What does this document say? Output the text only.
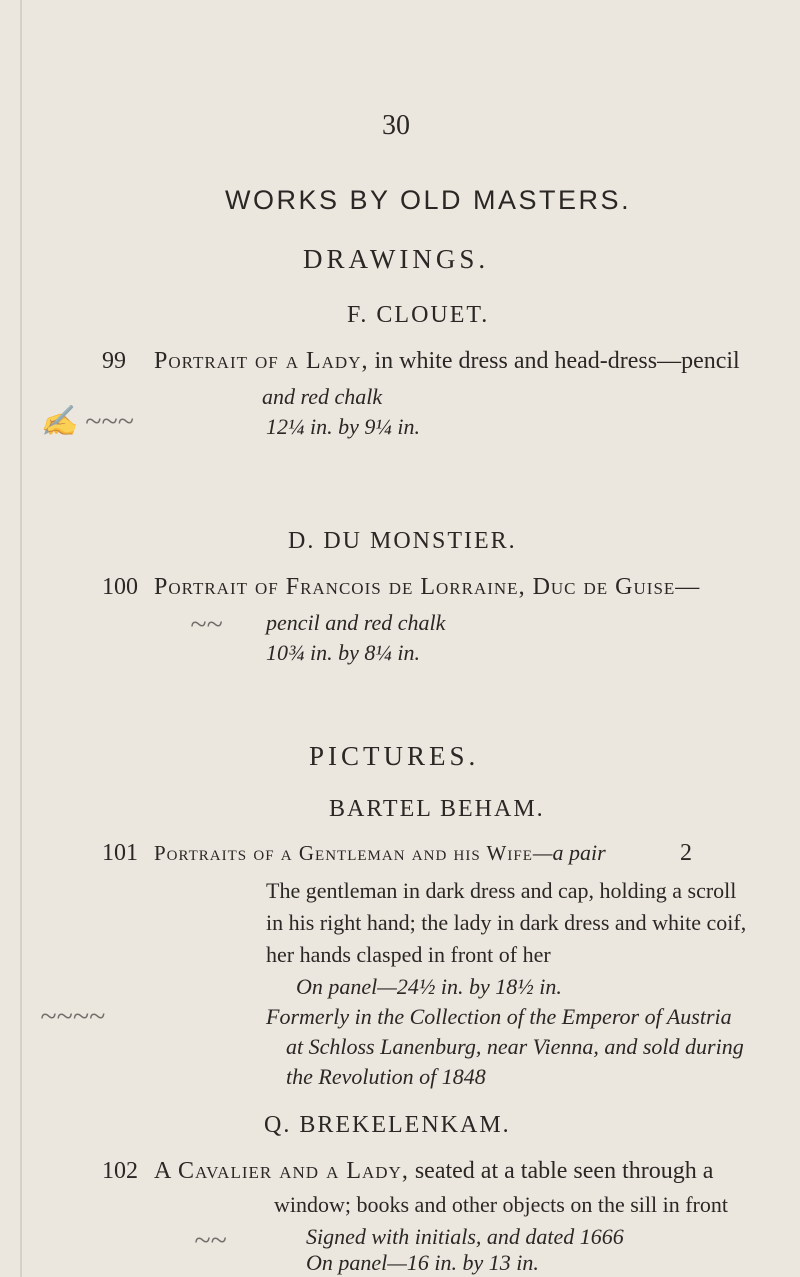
30
WORKS BY OLD MASTERS.
DRAWINGS.
F. CLOUET.
99 Portrait of a Lady, in white dress and head-dress—pencil
and red chalk
12¼ in. by 9¼ in.
✍ ~~~
D. DU MONSTIER.
100 Portrait of Francois de Lorraine, Duc de Guise—
pencil and red chalk
10¾ in. by 8¼ in.
~~
PICTURES.
BARTEL BEHAM.
101 Portraits of a Gentleman and his Wife—a pair	2
The gentleman in dark dress and cap, holding a scroll
in his right hand; the lady in dark dress and white coif,
her hands clasped in front of her
On panel—24½ in. by 18½ in.
Formerly in the Collection of the Emperor of Austria
at Schloss Lanenburg, near Vienna, and sold during
the Revolution of 1848
~~~~
Q. BREKELENKAM.
102 A Cavalier and a Lady, seated at a table seen through a
window; books and other objects on the sill in front
Signed with initials, and dated 1666
On panel—16 in. by 13 in.
~~
